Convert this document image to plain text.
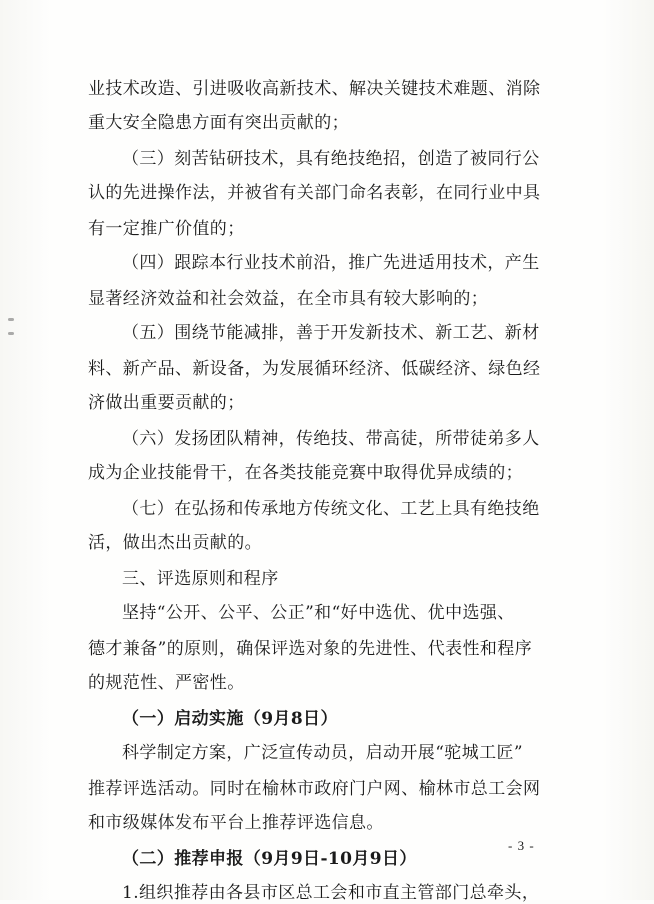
业技术改造、引进吸收高新技术、解决关键技术难题、消除
重大安全隐患方面有突出贡献的；
（三）刻苦钻研技术，具有绝技绝招，创造了被同行公
认的先进操作法，并被省有关部门命名表彰，在同行业中具
有一定推广价值的；
（四）跟踪本行业技术前沿，推广先进适用技术，产生
显著经济效益和社会效益，在全市具有较大影响的；
（五）围绕节能减排，善于开发新技术、新工艺、新材
料、新产品、新设备，为发展循环经济、低碳经济、绿色经
济做出重要贡献的；
（六）发扬团队精神，传绝技、带高徒，所带徒弟多人
成为企业技能骨干，在各类技能竞赛中取得优异成绩的；
（七）在弘扬和传承地方传统文化、工艺上具有绝技绝
活，做出杰出贡献的。
三、评选原则和程序
坚持“公开、公平、公正”和“好中选优、优中选强、
德才兼备”的原则，确保评选对象的先进性、代表性和程序
的规范性、严密性。
（一）启动实施（9月8日）
科学制定方案，广泛宣传动员，启动开展“驼城工匠”
推荐评选活动。同时在榆林市政府门户网、榆林市总工会网
和市级媒体发布平台上推荐评选信息。
（二）推荐申报（9月9日-10月9日）
1.组织推荐由各县市区总工会和市直主管部门总牵头，
- 3 -
